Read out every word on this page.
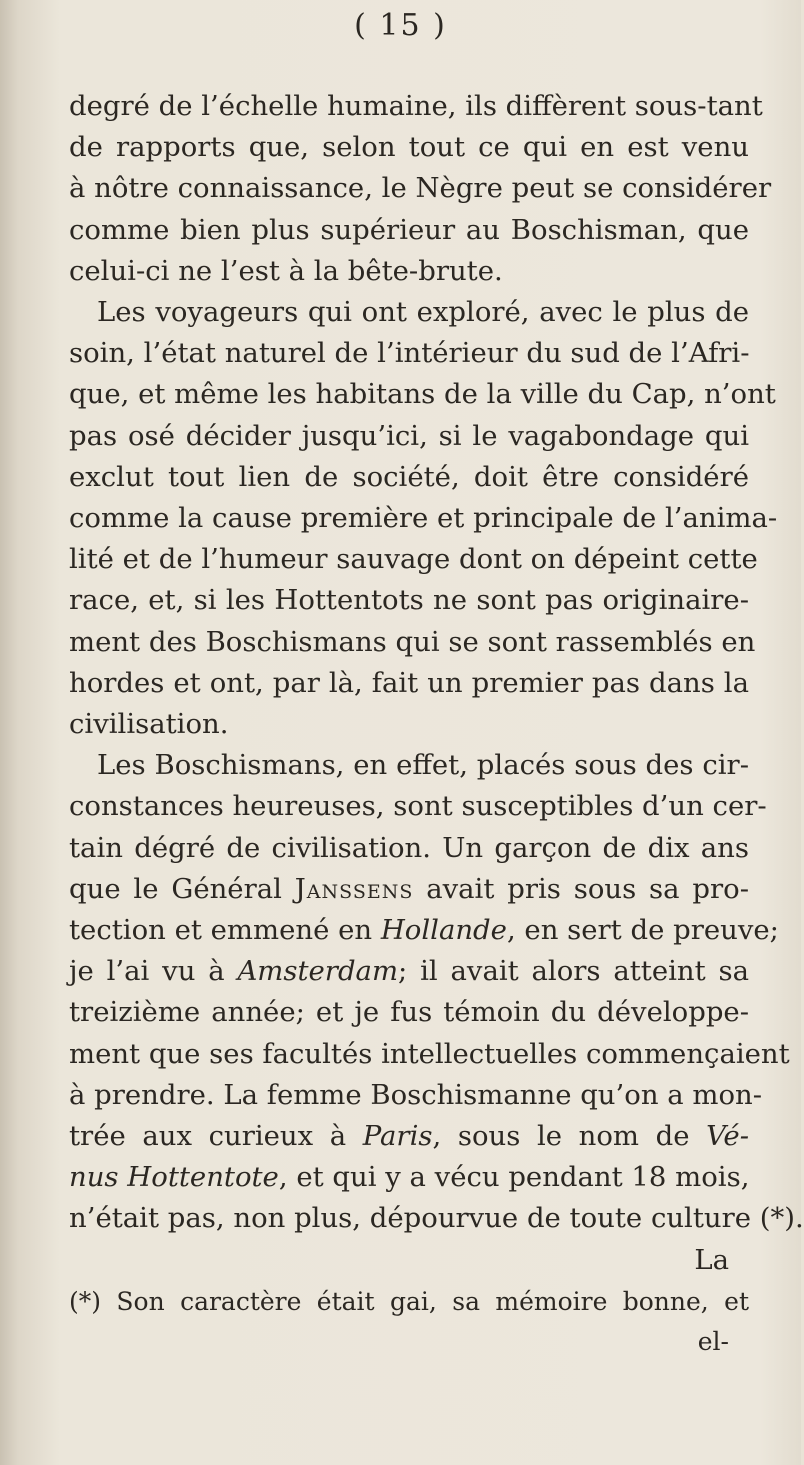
( 15 )
degré de l’échelle humaine, ils diffèrent sous-tant
de rapports que, selon tout ce qui en est venu
à nôtre connaissance, le Nègre peut se considérer
comme bien plus supérieur au Boschisman, que
celui-ci ne l’est à la bête-brute.
Les voyageurs qui ont exploré, avec le plus de
soin, l’état naturel de l’intérieur du sud de l’Afri-
que, et même les habitans de la ville du Cap, n’ont
pas osé décider jusqu’ici, si le vagabondage qui
exclut tout lien de société, doit être considéré
comme la cause première et principale de l’anima-
lité et de l’humeur sauvage dont on dépeint cette
race, et, si les Hottentots ne sont pas originaire-
ment des Boschismans qui se sont rassemblés en
hordes et ont, par là, fait un premier pas dans la
civilisation.
Les Boschismans, en effet, placés sous des cir-
constances heureuses, sont susceptibles d’un cer-
tain dégré de civilisation. Un garçon de dix ans
que le Général Janssens avait pris sous sa pro-
tection et emmené en Hollande, en sert de preuve;
je l’ai vu à Amsterdam; il avait alors atteint sa
treizième année; et je fus témoin du développe-
ment que ses facultés intellectuelles commençaient
à prendre. La femme Boschismanne qu’on a mon-
trée aux curieux à Paris, sous le nom de Vé-
nus Hottentote, et qui y a vécu pendant 18 mois,
n’était pas, non plus, dépourvue de toute culture (*).
La
(*) Son caractère était gai, sa mémoire bonne, et
el-
